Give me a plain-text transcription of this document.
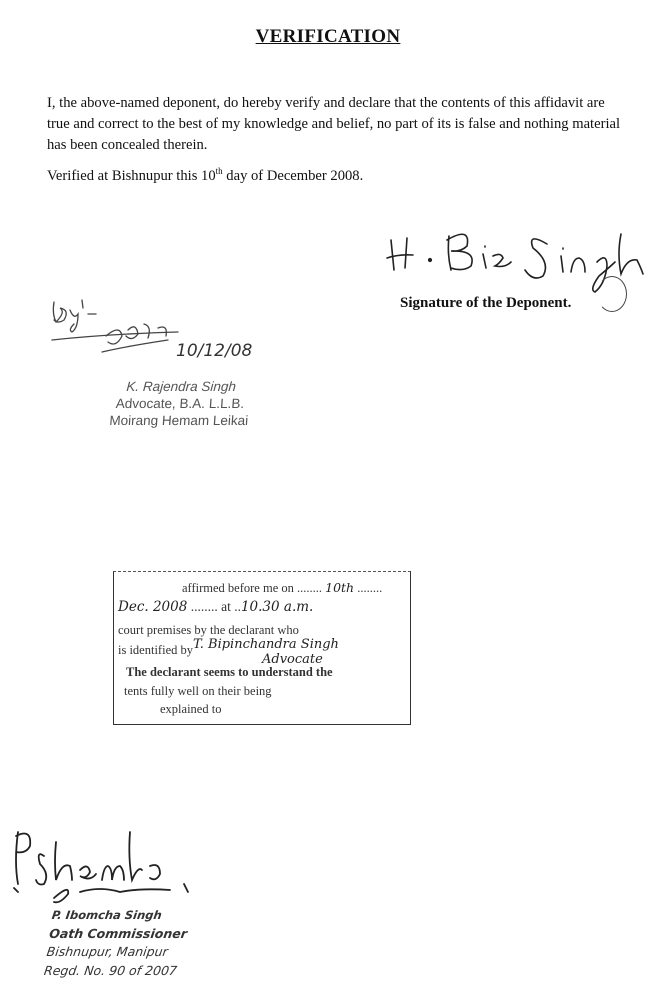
VERIFICATION
I, the above-named deponent, do hereby verify and declare that the contents of this affidavit are true and correct to the best of my knowledge and belief, no part of its is false and nothing material has been concealed therein.
Verified at Bishnupur this 10th day of December 2008.
Signature of the Deponent.
10/12/08
K. Rajendra Singh
Advocate, B.A. L.L.B.
Moirang Hemam Leikai
affirmed before me on ........ 10th ........
Dec. 2008 ........ at ..10.30 a.m.
court premises by the declarant who
is identified byT. Bipinchandra Singh
Advocate
The declarant seems to understand the
tents fully well on their being
explained to
P. Ibomcha Singh
Oath Commissioner
Bishnupur, Manipur
Regd. No. 90 of 2007
